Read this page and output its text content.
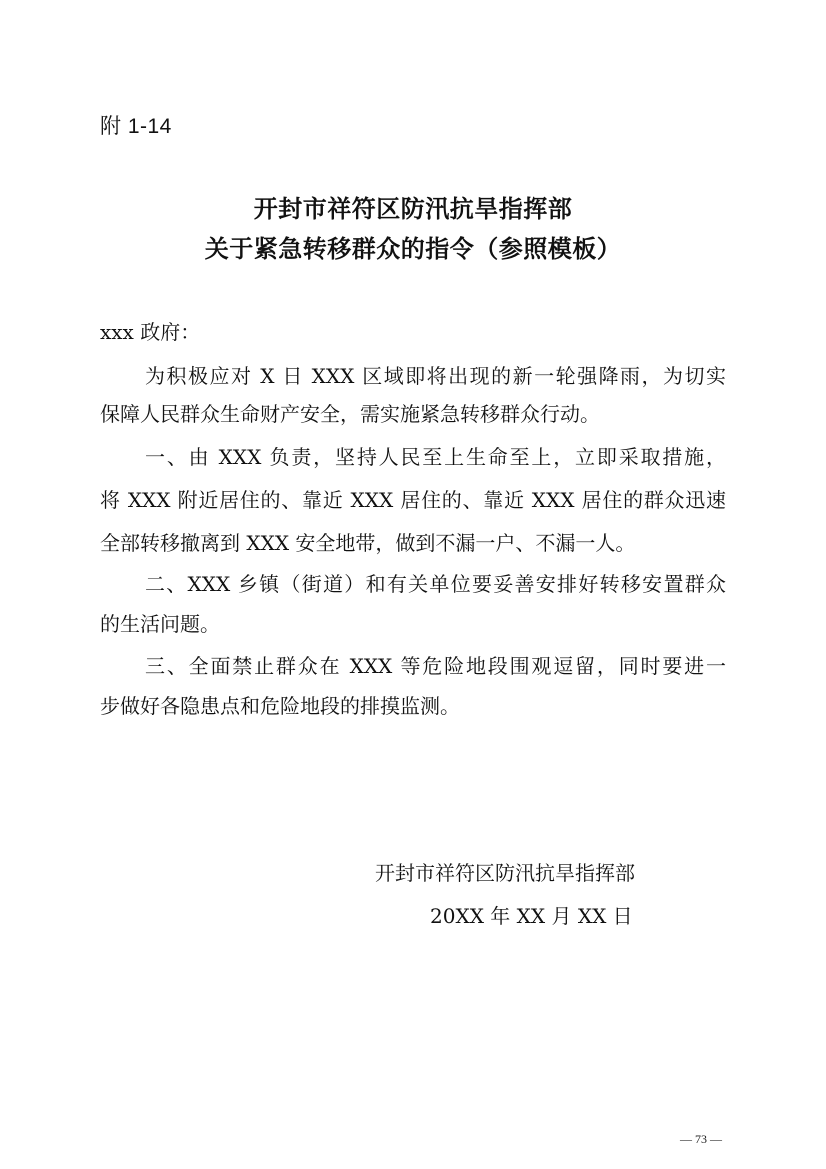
附 1-14
开封市祥符区防汛抗旱指挥部
关于紧急转移群众的指令（参照模板）
xxx 政府：
为积极应对 X 日 XXX 区域即将出现的新一轮强降雨，为切实
保障人民群众生命财产安全，需实施紧急转移群众行动。
一、由 XXX 负责，坚持人民至上生命至上，立即采取措施，
将 XXX 附近居住的、靠近 XXX 居住的、靠近 XXX 居住的群众迅速
全部转移撤离到 XXX 安全地带，做到不漏一户、不漏一人。
二、XXX 乡镇（街道）和有关单位要妥善安排好转移安置群众
的生活问题。
三、全面禁止群众在 XXX 等危险地段围观逗留，同时要进一
步做好各隐患点和危险地段的排摸监测。
开封市祥符区防汛抗旱指挥部
20XX 年 XX 月 XX 日
— 73 —
